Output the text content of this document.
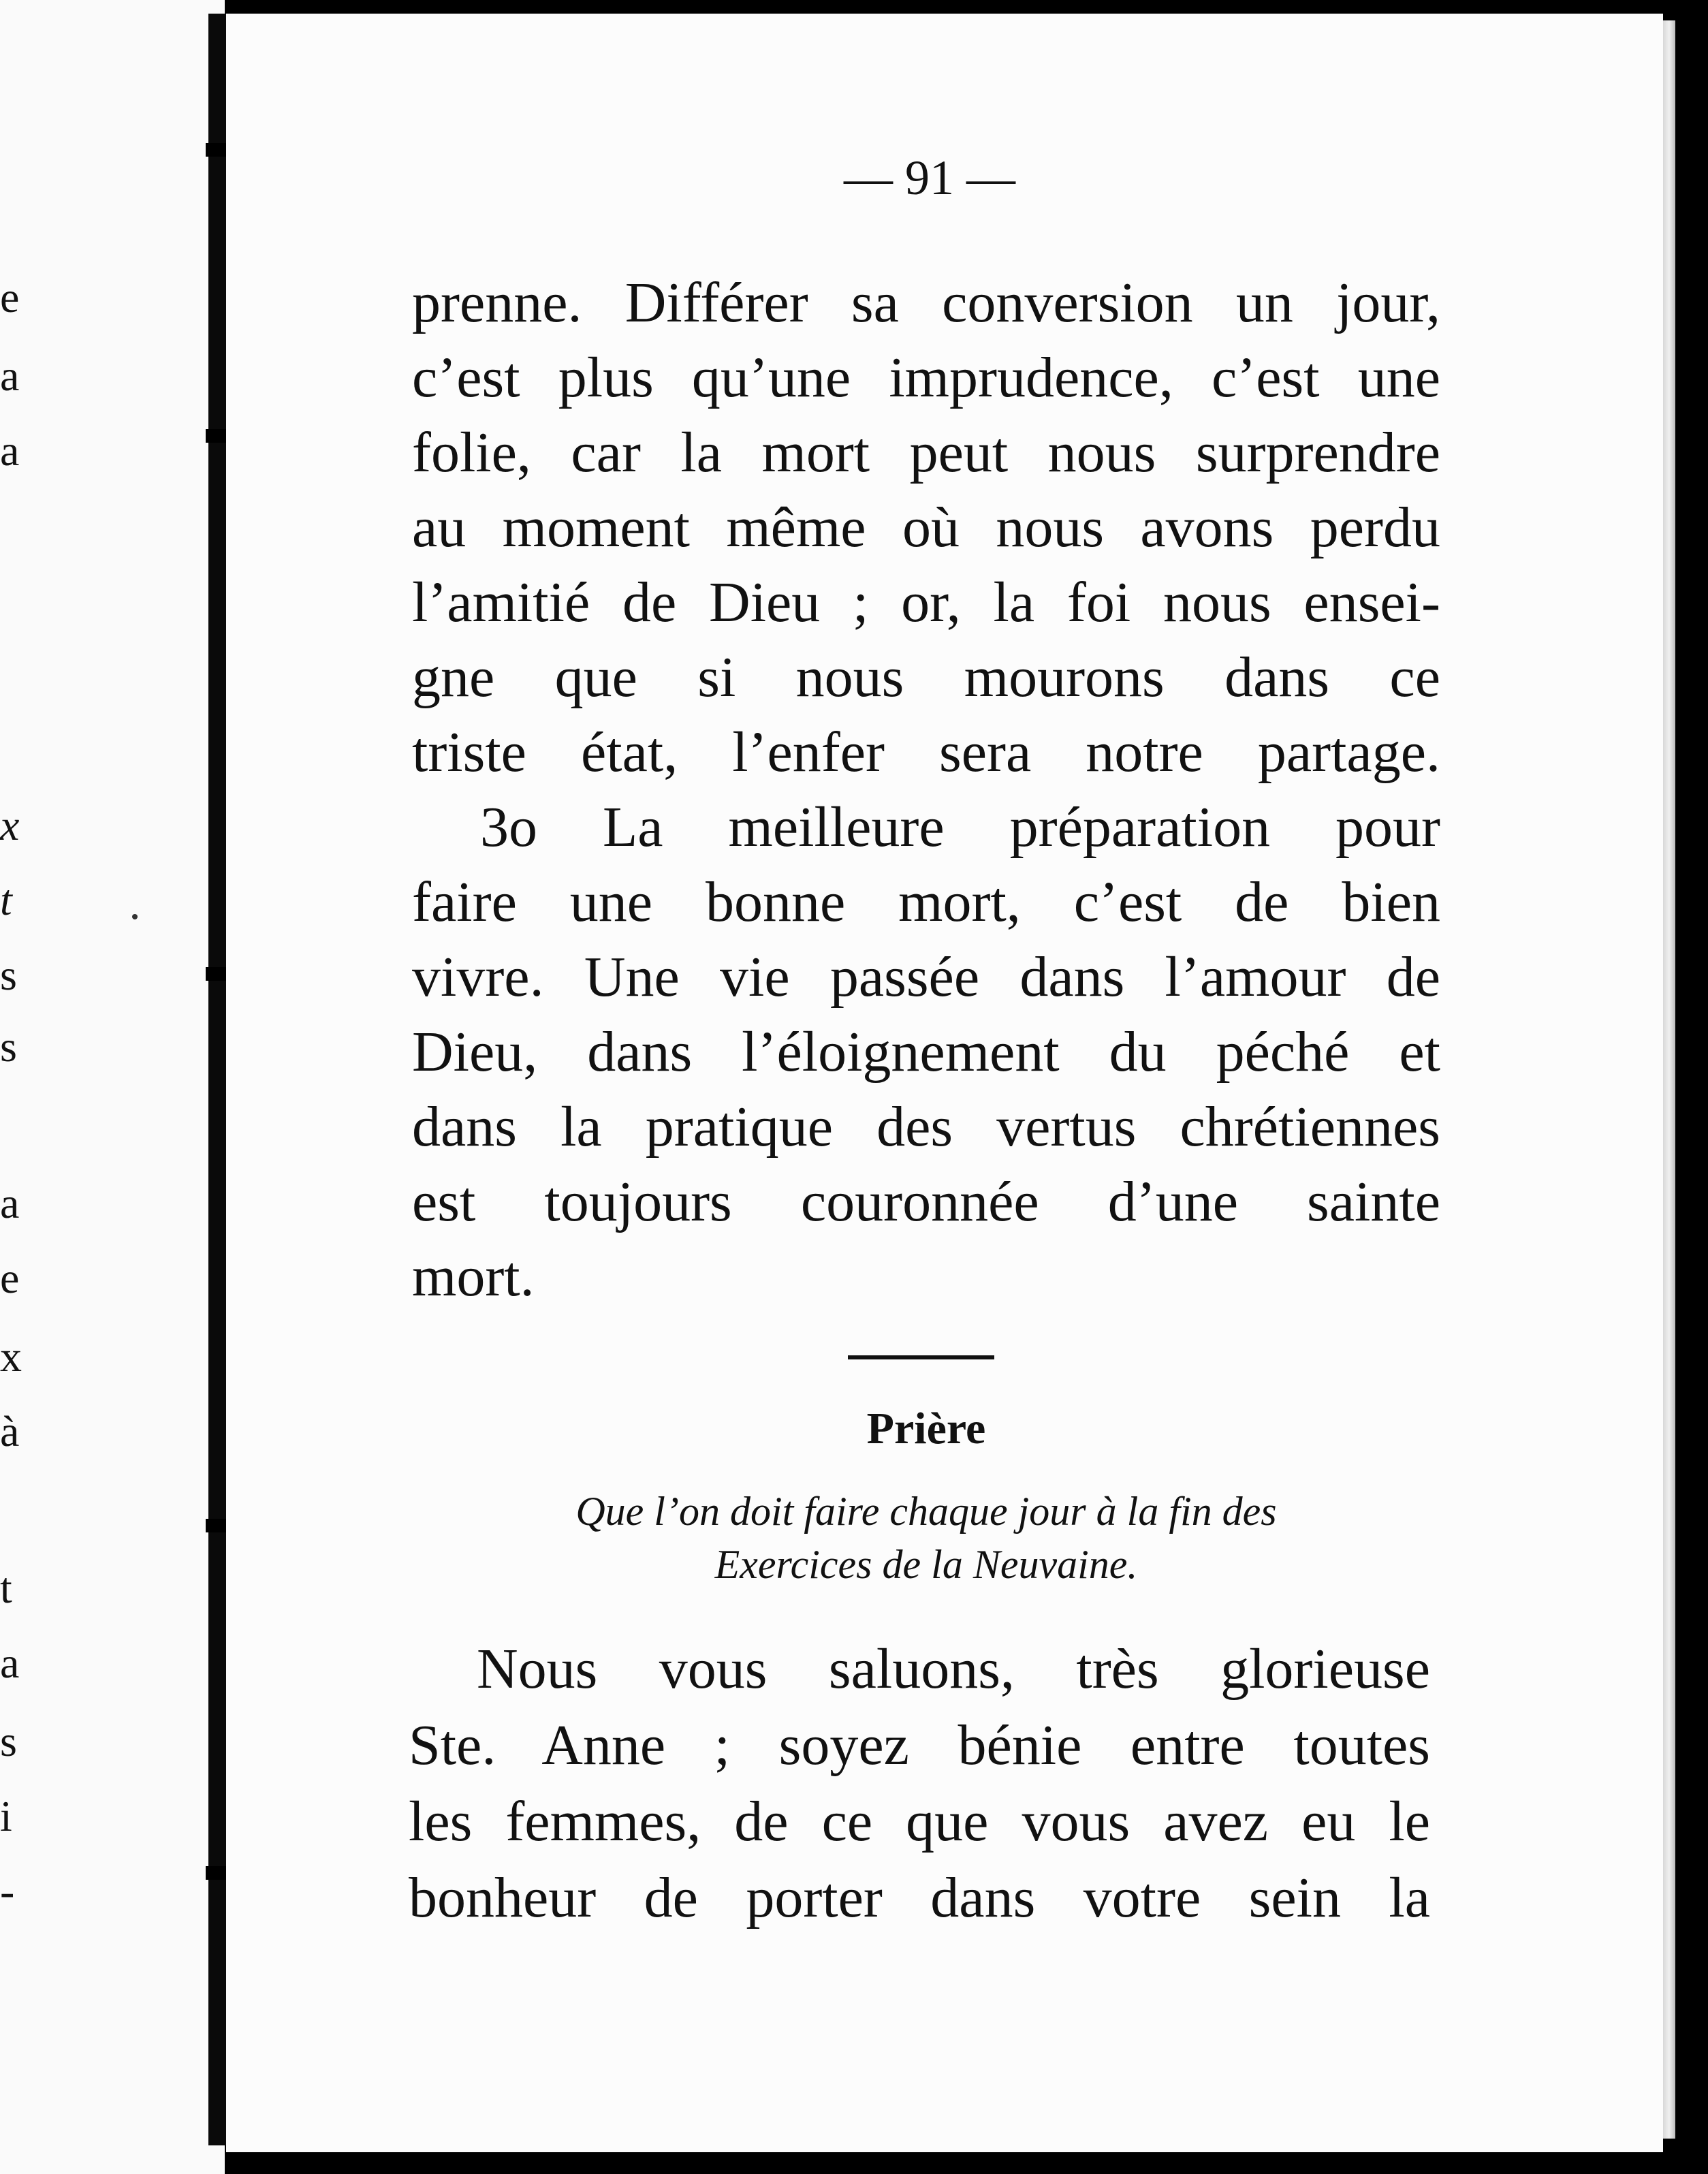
e
a
a
x
t
s
s
a
e
x
à
t
a
s
i
-
— 91 —
prenne. Différer sa conversion un jour,
c’est plus qu’une imprudence, c’est une
folie, car la mort peut nous surprendre
au moment même où nous avons perdu
l’amitié de Dieu ; or, la foi nous ensei-
gne que si nous mourons dans ce
triste état, l’enfer sera notre partage.
3o La meilleure préparation pour
faire une bonne mort, c’est de bien
vivre. Une vie passée dans l’amour de
Dieu, dans l’éloignement du péché et
dans la pratique des vertus chrétiennes
est toujours couronnée d’une sainte
mort.
Prière
Que l’on doit faire chaque jour à la fin des
Exercices de la Neuvaine.
Nous vous saluons, très glorieuse
Ste. Anne ; soyez bénie entre toutes
les femmes, de ce que vous avez eu le
bonheur de porter dans votre sein la
